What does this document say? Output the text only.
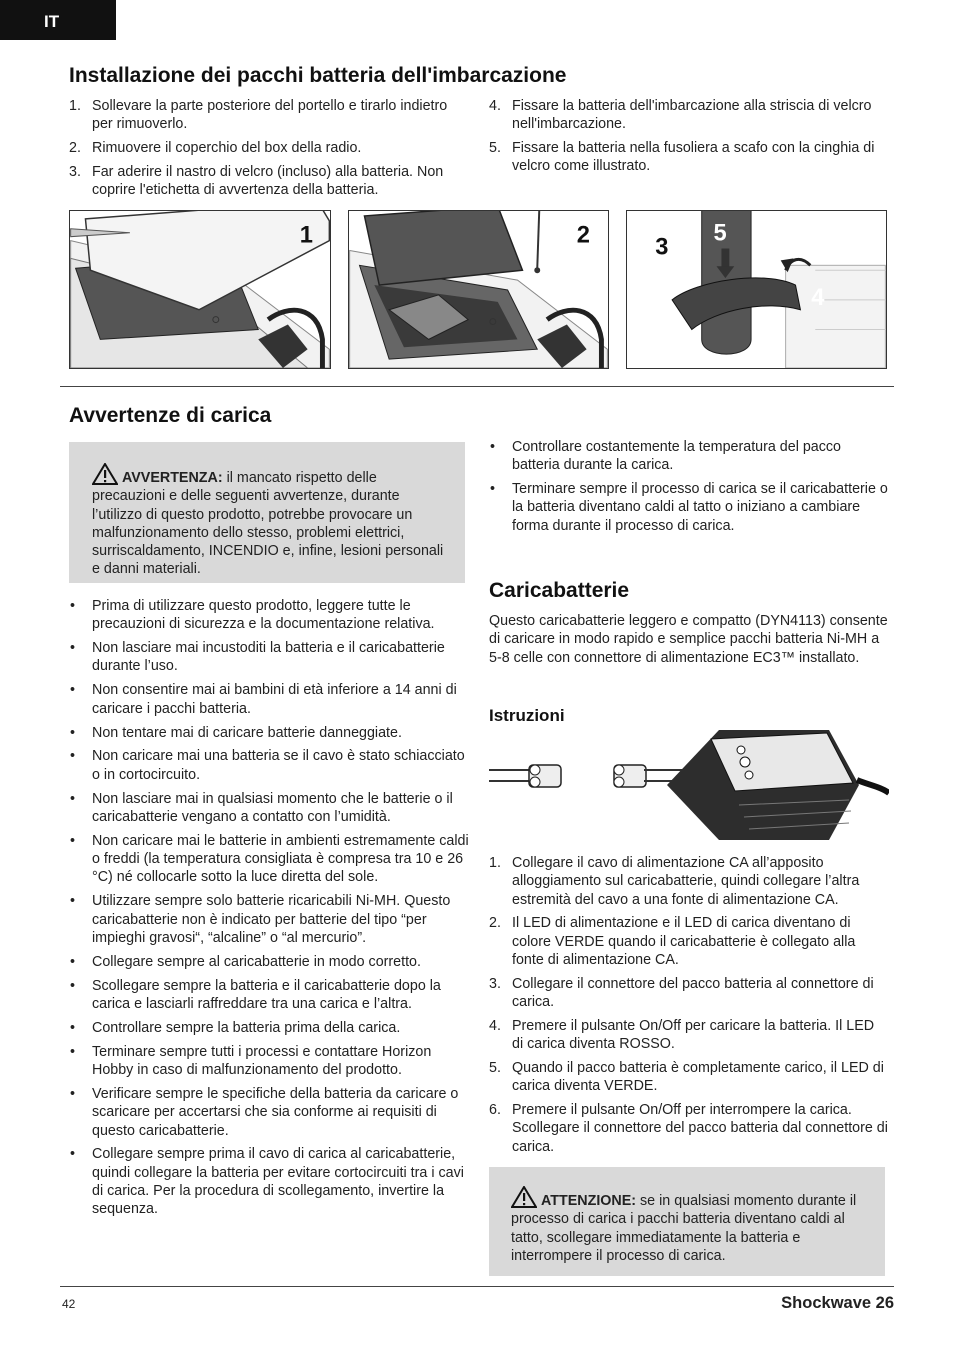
IT
Installazione dei pacchi batteria dell'imbarcazione
1. Sollevare la parte posteriore del portello e tirarlo indietro per rimuoverlo.
2. Rimuovere il coperchio del box della radio.
3. Far aderire il nastro di velcro (incluso) alla batteria. Non coprire l'etichetta di avvertenza della batteria.
4. Fissare la batteria dell'imbarcazione alla striscia di velcro nell'imbarcazione.
5. Fissare la batteria nella fusoliera a scafo con la cinghia di velcro come illustrato.
1	2	3
5
4
Avvertenze di carica

AVVERTENZA: il mancato rispetto delle precauzioni e delle seguenti avvertenze, durante l’utilizzo di questo prodotto, potrebbe provocare un malfunzionamento dello stesso, problemi elettrici, surriscaldamento, INCENDIO e, infine, lesioni personali e danni materiali.

• Prima di utilizzare questo prodotto, leggere tutte le precauzioni di sicurezza e la documentazione relativa.
• Non lasciare mai incustoditi la batteria e il caricabatterie durante l’uso.
• Non consentire mai ai bambini di età inferiore a 14 anni di caricare i pacchi batteria.
• Non tentare mai di caricare batterie danneggiate.
• Non caricare mai una batteria se il cavo è stato schiacciato o in cortocircuito.
• Non lasciare mai in qualsiasi momento che le batterie o il caricabatterie vengano a contatto con l’umidità.
• Non caricare mai le batterie in ambienti estremamente caldi o freddi (la temperatura consigliata è compresa tra 10 e 26 °C) né collocarle sotto la luce diretta del sole.
• Utilizzare sempre solo batterie ricaricabili Ni-MH. Questo caricabatterie non è indicato per batterie del tipo “per impieghi gravosi“, “alcaline” o “al mercurio”.
• Collegare sempre al caricabatterie in modo corretto.
• Scollegare sempre la batteria e il caricabatterie dopo la carica e lasciarli raffreddare tra una carica e l’altra.
• Controllare sempre la batteria prima della carica.
• Terminare sempre tutti i processi e contattare Horizon Hobby in caso di malfunzionamento del prodotto.
• Verificare sempre le specifiche della batteria da caricare o scaricare per accertarsi che sia conforme ai requisiti di questo caricabatterie.
• Collegare sempre prima il cavo di carica al caricabatterie, quindi collegare la batteria per evitare cortocircuiti tra i cavi di carica. Per la procedura di scollegamento, invertire la sequenza.
• Controllare costantemente la temperatura del pacco batteria durante la carica.
• Terminare sempre il processo di carica se il caricabatterie o la batteria diventano caldi al tatto o iniziano a cambiare forma durante il processo di carica.
Caricabatterie

Questo caricabatterie leggero e compatto (DYN4113) consente di caricare in modo rapido e semplice pacchi batteria Ni-MH a 5-8 celle con connettore di alimentazione EC3™ installato.

Istruzioni
1. Collegare il cavo di alimentazione CA all’apposito alloggiamento sul caricabatterie, quindi collegare l’altra estremità del cavo a una fonte di alimentazione CA.
2. Il LED di alimentazione e il LED di carica diventano di colore VERDE quando il caricabatterie è collegato alla fonte di alimentazione CA.
3. Collegare il connettore del pacco batteria al connettore di carica.
4. Premere il pulsante On/Off per caricare la batteria. Il LED di carica diventa ROSSO.
5. Quando il pacco batteria è completamente carico, il LED di carica diventa VERDE.
6. Premere il pulsante On/Off per interrompere la carica. Scollegare il connettore del pacco batteria dal connettore di carica.

ATTENZIONE: se in qualsiasi momento durante il processo di carica i pacchi batteria diventano caldi al tatto, scollegare immediatamente la batteria e interrompere il processo di carica.

42	Shockwave 26
